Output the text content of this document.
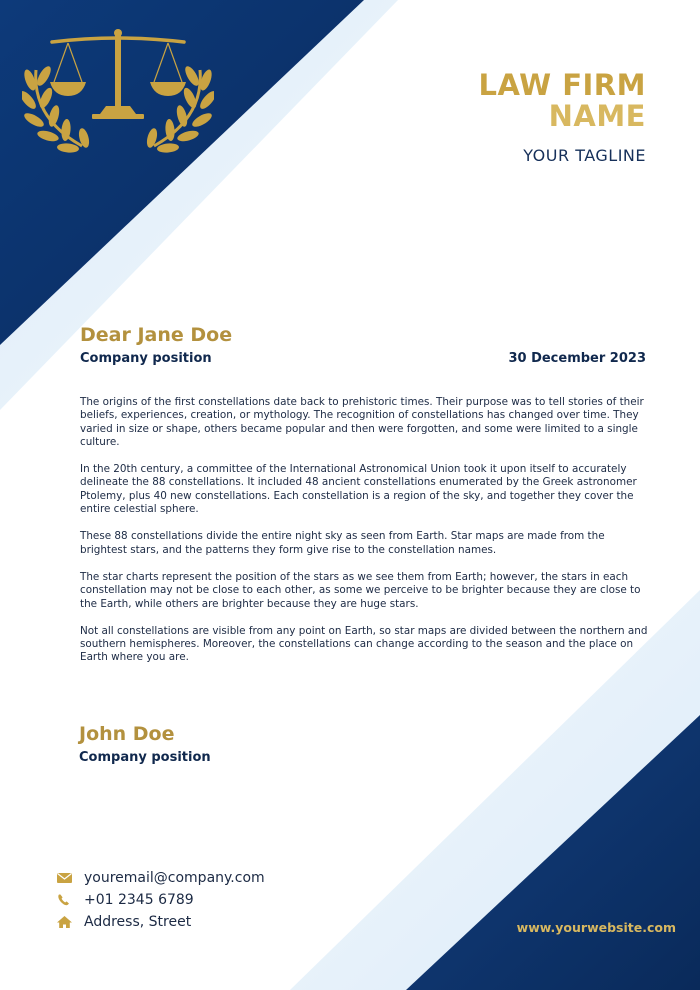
LAW FIRM
NAME
YOUR TAGLINE
Dear Jane Doe
Company position	30 December 2023

The origins of the first constellations date back to prehistoric times. Their purpose was to tell stories of their beliefs, experiences, creation, or mythology. The recognition of constellations has changed over time. They varied in size or shape, others became popular and then were forgotten, and some were limited to a single culture.

In the 20th century, a committee of the International Astronomical Union took it upon itself to accurately delineate the 88 constellations. It included 48 ancient constellations enumerated by the Greek astronomer Ptolemy, plus 40 new constellations. Each constellation is a region of the sky, and together they cover the entire celestial sphere.

These 88 constellations divide the entire night sky as seen from Earth. Star maps are made from the brightest stars, and the patterns they form give rise to the constellation names.

The star charts represent the position of the stars as we see them from Earth; however, the stars in each constellation may not be close to each other, as some we perceive to be brighter because they are close to the Earth, while others are brighter because they are huge stars.

Not all constellations are visible from any point on Earth, so star maps are divided between the northern and southern hemispheres. Moreover, the constellations can change according to the season and the place on Earth where you are.

John Doe
Company position
youremail@company.com
+01 2345 6789
Address, Street	www.yourwebsite.com
